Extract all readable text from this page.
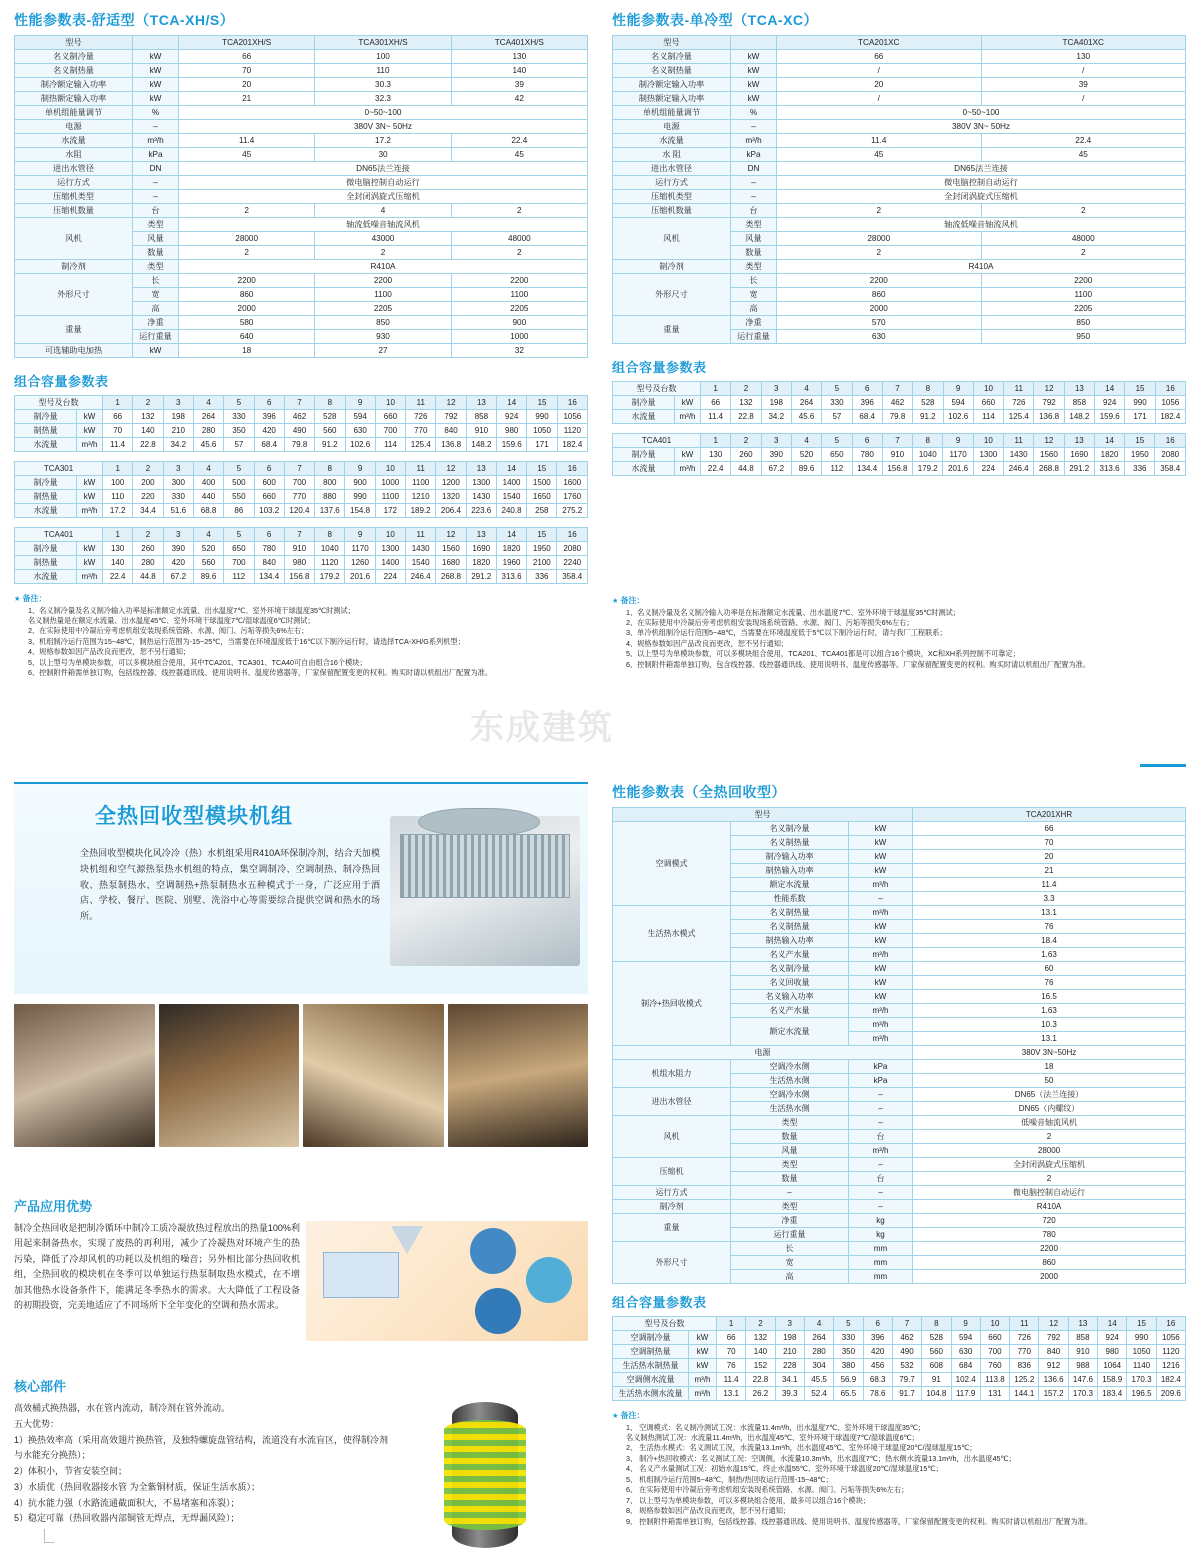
性能参数表-舒适型（TCA-XH/S）
型号		TCA201XH/S	TCA301XH/S	TCA401XH/S
名义制冷量	kW	66	100	130
名义制热量	kW	70	110	140
制冷额定输入功率	kW	20	30.3	39
制热额定输入功率	kW	21	32.3	42
单机组能量调节	%	0~50~100		
电源	–	380V 3N~ 50Hz		
水流量	m³/h	11.4	17.2	22.4
水阻	kPa	45	30	45
进出水管径	DN	DN65法兰连接		
运行方式	–	微电脑控制自动运行		
压缩机类型	–	全封闭涡旋式压缩机		
压缩机数量	台	2	4	2
风机	类型	轴流低噪音轴流风机		
	风量	28000	43000	48000
	数量	2	2	2
制冷剂	类型	R410A		
外形尺寸	长	2200	2200	2200
	宽	860	1100	1100
	高	2000	2205	2205
重量	净重	580	850	900
	运行重量	640	930	1000
可选辅助电加热	kW	18	27	32
组合容量参数表
型号及台数		1	2	3	4	5	6	7	8	9	10	11	12	13	14	15	16
制冷量	kW	66	132	198	264	330	396	462	528	594	660	726	792	858	924	990	1056
制热量	kW	70	140	210	280	350	420	490	560	630	700	770	840	910	980	1050	1120
水流量	m³/h	11.4	22.8	34.2	45.6	57	68.4	79.8	91.2	102.6	114	125.4	136.8	148.2	159.6	171	182.4
TCA301		1	2	3	4	5	6	7	8	9	10	11	12	13	14	15	16
制冷量	kW	100	200	300	400	500	600	700	800	900	1000	1100	1200	1300	1400	1500	1600
制热量	kW	110	220	330	440	550	660	770	880	990	1100	1210	1320	1430	1540	1650	1760
水流量	m³/h	17.2	34.4	51.6	68.8	86	103.2	120.4	137.6	154.8	172	189.2	206.4	223.6	240.8	258	275.2
TCA401		1	2	3	4	5	6	7	8	9	10	11	12	13	14	15	16
制冷量	kW	130	260	390	520	650	780	910	1040	1170	1300	1430	1560	1690	1820	1950	2080
制热量	kW	140	280	420	560	700	840	980	1120	1260	1400	1540	1680	1820	1960	2100	2240
水流量	m³/h	22.4	44.8	67.2	89.6	112	134.4	156.8	179.2	201.6	224	246.4	268.8	291.2	313.6	336	358.4
★ 备注：
1、名义制冷量及名义制冷输入功率是标准额定水流量、出水温度7℃、室外环境干球温度35℃时测试；
名义制热量是在额定水流量、出水温度45℃、室外环境干球温度7℃/湿球温度6℃时测试；
2、在实际使用中冷凝后旁考虑机组安装现系统管路、水源、阀门、污垢等损失6%左右；
3、机组制冷运行范围为15~48℃，制热运行范围为-15~25℃，当需要在环境温度低于16℃以下制冷运行时，请选择TCA-XH/G系列机型；
4、规格参数如因产品改良而更改，恕不另行通知；
5、以上型号为单模块参数，可以多模块组合使用，其中TCA201、TCA301、TCA40可自由组合16个模块；
6、控制附件箱需单独订购，包括线控器、线控器通讯线、使用说明书、温度传感器等，厂家保留配置变更的权利。购买时请以机组出厂配置为准。
性能参数表-单冷型（TCA-XC）
型号		TCA201XC	TCA401XC
名义制冷量	kW	66	130
名义制热量	kW	/	/
制冷额定输入功率	kW	20	39
制热额定输入功率	kW	/	/
单机组能量调节	%	0~50~100	
电源	–	380V 3N~ 50Hz	
水流量	m³/h	11.4	22.4
水 阻	kPa	45	45
进出水管径	DN	DN65法兰连接	
运行方式	–	微电脑控制自动运行	
压缩机类型	–	全封闭涡旋式压缩机	
压缩机数量	台	2	2
风机	类型	轴流低噪音轴流风机	
	风量	28000	48000
	数量	2	2
制冷剂	类型	R410A	
外形尺寸	长	2200	2200
	宽	860	1100
	高	2000	2205
重量	净重	570	850
	运行重量	630	950
组合容量参数表
型号及台数		1	2	3	4	5	6	7	8	9	10	11	12	13	14	15	16
制冷量	kW	66	132	198	264	330	396	462	528	594	660	726	792	858	924	990	1056
水流量	m³/h	11.4	22.8	34.2	45.6	57	68.4	79.8	91.2	102.6	114	125.4	136.8	148.2	159.6	171	182.4
TCA401		1	2	3	4	5	6	7	8	9	10	11	12	13	14	15	16
制冷量	kW	130	260	390	520	650	780	910	1040	1170	1300	1430	1560	1690	1820	1950	2080
水流量	m³/h	22.4	44.8	67.2	89.6	112	134.4	156.8	179.2	201.6	224	246.4	268.8	291.2	313.6	336	358.4
★ 备注：
1、名义制冷量及名义制冷输入功率是在标准额定水流量、出水温度7℃、室外环境干球温度35℃时测试；
2、在实际使用中冷凝后旁考虑机组安装现场系统管路、水源、阀门、污垢等损失6%左右；
3、单冷机组制冷运行范围5~48℃，当需要在环境温度低于5℃以下制冷运行时，请与我厂工程联系；
4、规格参数如因产品改良而更改，恕不另行通知；
5、以上型号为单模块参数，可以多模块组合使用，TCA201、TCA401都是可以组合16个模块，XC和XH系列控制不可靠定；
6、控制附件箱需单独订购，包含线控器、线控器通讯线、使用说明书、温度传感器等。厂家保留配置变更的权利。购买时请以机组出厂配置为准。
东成建筑
全热回收型模块机组
全热回收型模块化风冷冷（热）水机组采用R410A环保制冷剂，结合天加模块机组和空气源热泵热水机组的特点，集空调制冷、空调制热、制冷热回收、热泵制热水、空调制热+热泵制热水五种模式于一身，广泛应用于酒店、学校、餐厅、医院、别墅、洗浴中心等需要综合提供空调和热水的场所。
产品应用优势
制冷全热回收是把制冷循环中制冷工质冷凝放热过程放出的热量100%利用起来制备热水，实现了废热的再利用，减少了冷凝热对环境产生的热污染，降低了冷却风机的功耗以及机组的噪音；另外相比部分热回收机组，全热回收的模块机在冬季可以单独运行热泵制取热水模式，在不增加其他热水设备条件下，能满足冬季热水的需求。大大降低了工程设备的初期投资，完美地适应了不同场所下全年变化的空调和热水需求。
核心部件
高效桶式换热器，水在管内流动，制冷剂在管外流动。
五大优势：
1）换热效率高（采用高效翅片换热管，及独特螺旋盘管结构，流道没有水流盲区，使得制冷剂与水能充分换热）；
2）体积小，节省安装空间；
3）水质优（热回收器接水管 为全紫铜材质，保证生活水质）；
4）抗水能力强（水路流通截面积大，不易堵塞和冻裂）；
5）稳定可靠（热回收器内部铜管无焊点，无焊漏风险）；
性能参数表（全热回收型）
型号			TCA201XHR
空调模式	名义制冷量	kW	66
	名义制热量	kW	70
	制冷输入功率	kW	20
	制热输入功率	kW	21
	额定水流量	m³/h	11.4
	性能系数	–	3.3
生活热水模式	名义制热量	m³/h	13.1
	名义制热量	kW	76
	制热输入功率	kW	18.4
	名义产水量	m³/h	1.63
制冷+热回收模式	名义制冷量	kW	60
	名义回收量	kW	76
	名义输入功率	kW	16.5
	名义产水量	m³/h	1.63
	额定水流量	m³/h	10.3
		m³/h	13.1
电源			380V 3N~50Hz
机组水阻力	空调冷水侧	kPa	18
	生活热水侧	kPa	50
进出水管径	空调冷水侧	–	DN65（法兰连接）
	生活热水侧	–	DN65（内螺纹）
风机	类型	–	低噪音轴流风机
	数量	台	2
	风量	m³/h	28000
压缩机	类型	–	全封闭涡旋式压缩机
	数量	台	2
运行方式	–	–	微电脑控制自动运行
制冷剂	类型	–	R410A
重量	净重	kg	720
	运行重量	kg	780
外形尺寸	长	mm	2200
	宽	mm	860
	高	mm	2000
组合容量参数表
型号及台数		1	2	3	4	5	6	7	8	9	10	11	12	13	14	15	16

空调制冷量	kW	66	132	198	264	330	396	462	528	594	660	726	792	858	924	990	1056
空调制热量	kW	70	140	210	280	350	420	490	560	630	700	770	840	910	980	1050	1120
生活热水制热量	kW	76	152	228	304	380	456	532	608	684	760	836	912	988	1064	1140	1216
空调侧水流量	m³/h	11.4	22.8	34.1	45.5	56.9	68.3	79.7	91	102.4	113.8	125.2	136.6	147.6	158.9	170.3	182.4
生活热水侧水流量	m³/h	13.1	26.2	39.3	52.4	65.5	78.6	91.7	104.8	117.9	131	144.1	157.2	170.3	183.4	196.5	209.6
★ 备注：
1、 空调模式：名义制冷测试工况：水流量11.4m³/h，出水温度7℃、室外环境干球温度35℃；
名义制热测试工况：水流量11.4m³/h，出水温度45℃、室外环境干球温度7℃/湿球温度6℃；
2、 生活热水模式：名义测试工况，水流量13.1m³/h，出水温度45℃、室外环境干球温度20℃/湿球温度15℃；
3、 制冷+热回收模式：名义测试工况：空调侧，水流量10.3m³/h，出水温度7℃；热水侧水流量13.1m³/h，出水温度45℃；
4、 名义产水量测试工况：初始水温15℃、终止水温55℃、室外环境干球温度20℃/湿球温度15℃；
5、 机组制冷运行范围5~48℃，制热/热回收运行范围-15~48℃；
6、 在实际使用中冷凝后旁考虑机组安装现系统管路、水源、阀门、污垢等损失6%左右；
7、 以上型号为单模块参数，可以多模块组合使用，最多可以组合16个模块；
8、 规格参数如因产品改良而更改，恕不另行通知；
9、 控制附件箱需单独订购，包括线控器、线控器通讯线、使用说明书、温度传感器等，厂家保留配置变更的权利。购买时请以机组出厂配置为准。
